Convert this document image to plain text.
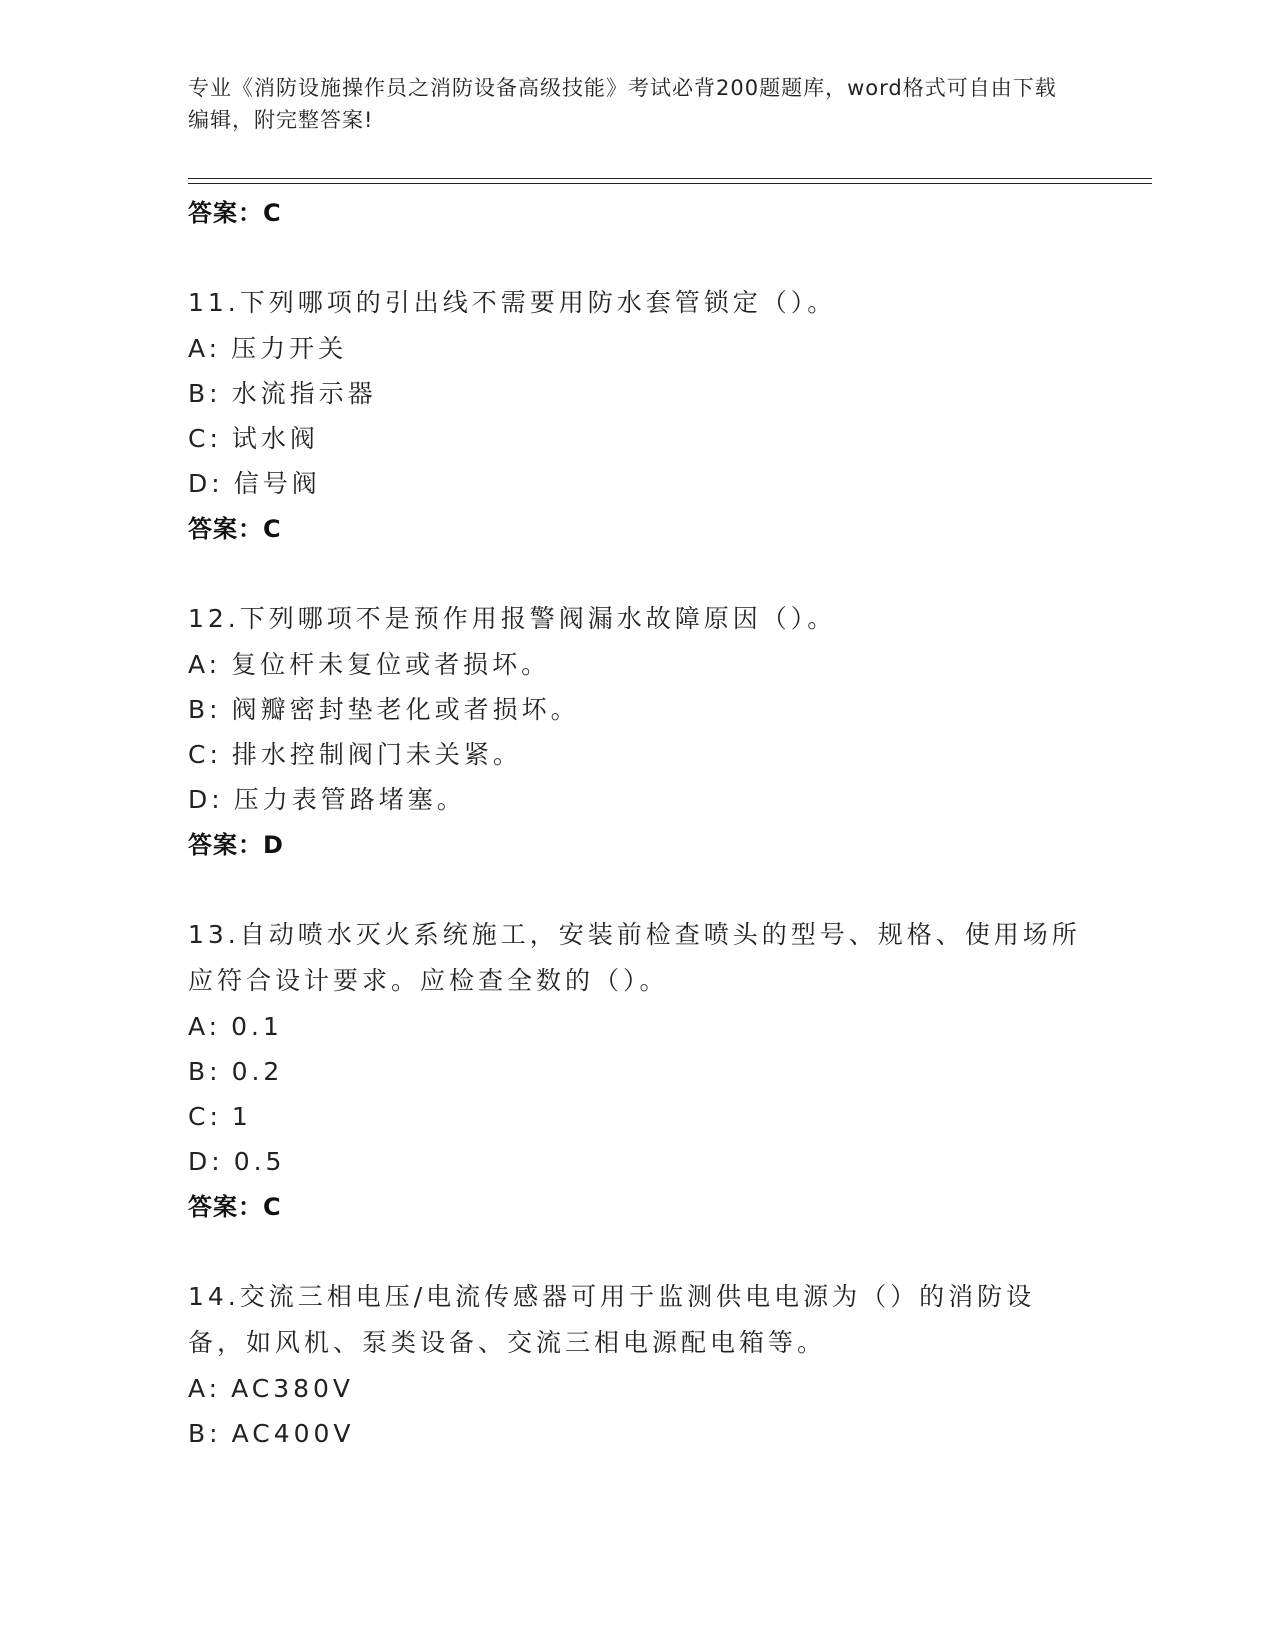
专业《消防设施操作员之消防设备高级技能》考试必背200题题库，word格式可自由下载编辑，附完整答案!
答案：C
11.下列哪项的引出线不需要用防水套管锁定（）。
A: 压力开关
B: 水流指示器
C: 试水阀
D: 信号阀
答案：C
12.下列哪项不是预作用报警阀漏水故障原因（）。
A: 复位杆未复位或者损坏。
B: 阀瓣密封垫老化或者损坏。
C: 排水控制阀门未关紧。
D: 压力表管路堵塞。
答案：D
13.自动喷水灭火系统施工，安装前检查喷头的型号、规格、使用场所应符合设计要求。应检查全数的（）。
A: 0.1
B: 0.2
C: 1
D: 0.5
答案：C
14.交流三相电压/电流传感器可用于监测供电电源为（）的消防设备，如风机、泵类设备、交流三相电源配电箱等。
A: AC380V
B: AC400V
